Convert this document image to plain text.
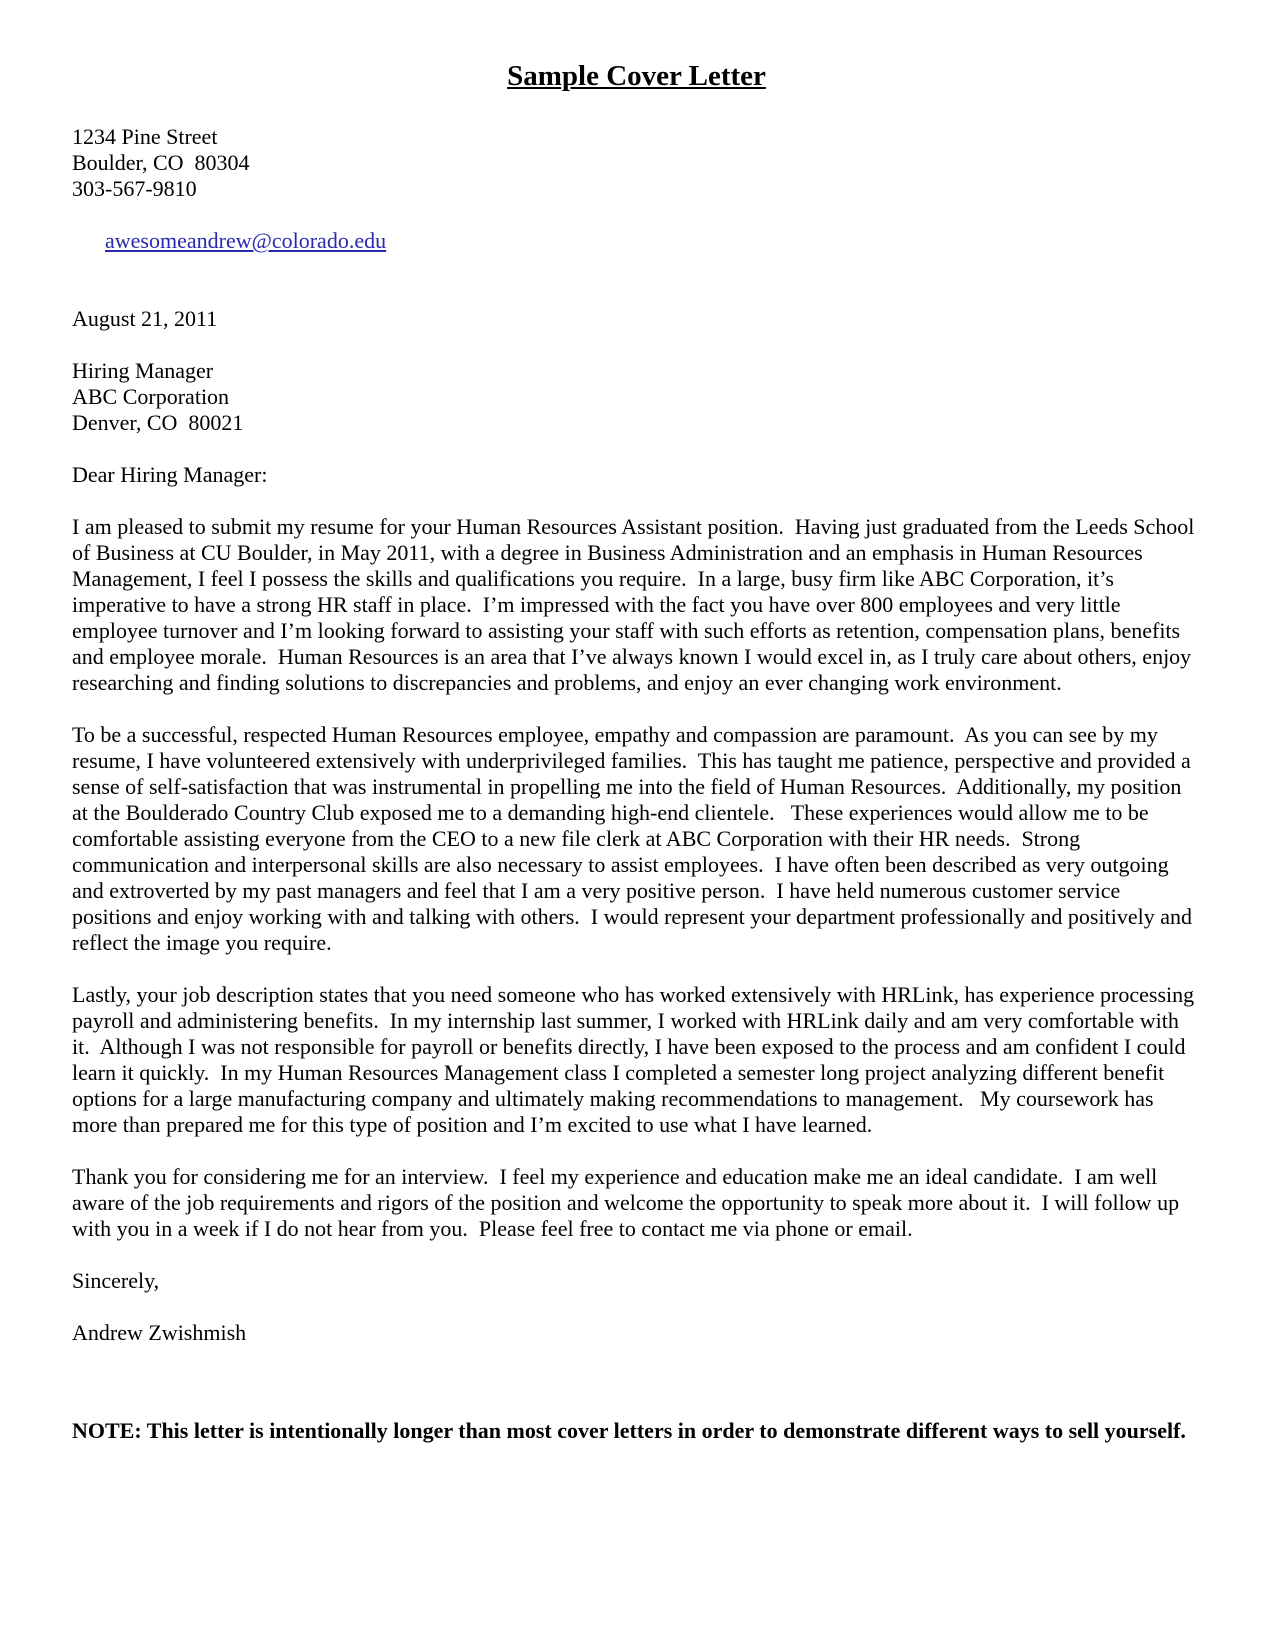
Sample Cover Letter
1234 Pine Street
Boulder, CO  80304
303-567-9810

awesomeandrew@colorado.edu

August 21, 2011
Hiring Manager
ABC Corporation
Denver, CO  80021
Dear Hiring Manager:

I am pleased to submit my resume for your Human Resources Assistant position.  Having just graduated from the Leeds School of Business at CU Boulder, in May 2011, with a degree in Business Administration and an emphasis in Human Resources Management, I feel I possess the skills and qualifications you require.  In a large, busy firm like ABC Corporation, it’s imperative to have a strong HR staff in place.  I’m impressed with the fact you have over 800 employees and very little employee turnover and I’m looking forward to assisting your staff with such efforts as retention, compensation plans, benefits and employee morale.  Human Resources is an area that I’ve always known I would excel in, as I truly care about others, enjoy researching and finding solutions to discrepancies and problems, and enjoy an ever changing work environment.

To be a successful, respected Human Resources employee, empathy and compassion are paramount.  As you can see by my resume, I have volunteered extensively with underprivileged families.  This has taught me patience, perspective and provided a sense of self-satisfaction that was instrumental in propelling me into the field of Human Resources.  Additionally, my position at the Boulderado Country Club exposed me to a demanding high-end clientele.   These experiences would allow me to be comfortable assisting everyone from the CEO to a new file clerk at ABC Corporation with their HR needs.  Strong communication and interpersonal skills are also necessary to assist employees.  I have often been described as very outgoing and extroverted by my past managers and feel that I am a very positive person.  I have held numerous customer service positions and enjoy working with and talking with others.  I would represent your department professionally and positively and reflect the image you require.

Lastly, your job description states that you need someone who has worked extensively with HRLink, has experience processing payroll and administering benefits.  In my internship last summer, I worked with HRLink daily and am very comfortable with it.  Although I was not responsible for payroll or benefits directly, I have been exposed to the process and am confident I could learn it quickly.  In my Human Resources Management class I completed a semester long project analyzing different benefit options for a large manufacturing company and ultimately making recommendations to management.   My coursework has more than prepared me for this type of position and I’m excited to use what I have learned.

Thank you for considering me for an interview.  I feel my experience and education make me an ideal candidate.  I am well aware of the job requirements and rigors of the position and welcome the opportunity to speak more about it.  I will follow up with you in a week if I do not hear from you.  Please feel free to contact me via phone or email.

Sincerely,
Andrew Zwishmish
NOTE: This letter is intentionally longer than most cover letters in order to demonstrate different ways to sell yourself.
